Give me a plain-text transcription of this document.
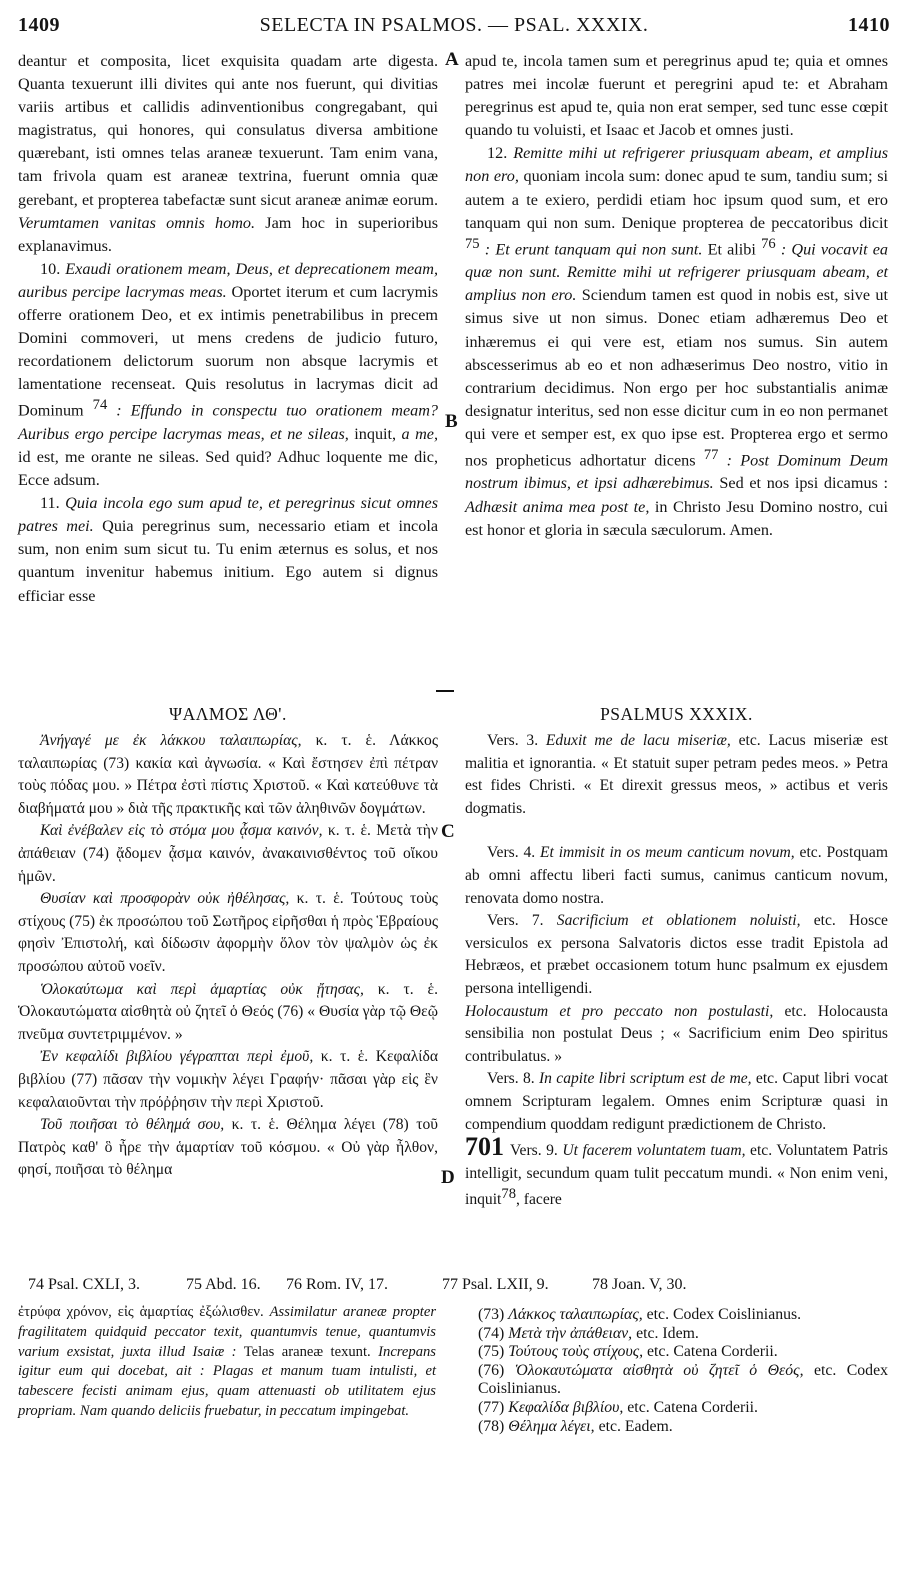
1409	SELECTA IN PSALMOS. — PSAL. XXXIX.	1410

deantur et composita, licet exquisita quadam arte digesta. Quanta texuerunt illi divites qui ante nos fuerunt, qui divitias variis artibus et callidis adinventionibus congregabant, qui magistratus, qui honores, qui consulatus diversa ambitione quærebant, isti omnes telas araneæ texuerunt. Tam enim vana, tam frivola quam est araneæ textrina, fuerunt omnia quæ gerebant, et propterea tabefactæ sunt sicut araneæ animæ eorum. Verumtamen vanitas omnis homo. Jam hoc in superioribus explanavimus.

10. Exaudi orationem meam, Deus, et deprecationem meam, auribus percipe lacrymas meas. Oportet iterum et cum lacrymis offerre orationem Deo, et ex intimis penetrabilibus in precem Domini commoveri, ut mens credens de judicio futuro, recordationem delictorum suorum non absque lacrymis et lamentatione recenseat. Quis resolutus in lacrymas dicit ad Dominum $^{74}$ : Effundo in conspectu tuo orationem meam? Auribus ergo percipe lacrymas meas, et ne sileas, inquit, a me, id est, me orante ne sileas. Sed quid? Adhuc loquente me dic, Ecce adsum.

11. Quia incola ego sum apud te, et peregrinus sicut omnes patres mei. Quia peregrinus sum, necessario etiam et incola sum, non enim sum sicut tu. Tu enim æternus es solus, et nos quantum invenitur habemus initium. Ego autem si dignus efficiar esse

A
B
C
D

apud te, incola tamen sum et peregrinus apud te; quia et omnes patres mei incolæ fuerunt et peregrini apud te: et Abraham peregrinus est apud te, quia non erat semper, sed tunc esse cœpit quando tu voluisti, et Isaac et Jacob et omnes justi.

12. Remitte mihi ut refrigerer priusquam abeam, et amplius non ero, quoniam incola sum: donec apud te sum, tandiu sum; si autem a te exiero, perdidi etiam hoc ipsum quod sum, et ero tanquam qui non sum. Denique propterea de peccatoribus dicit $^{75}$ : Et erunt tanquam qui non sunt. Et alibi $^{76}$ : Qui vocavit ea quæ non sunt. Remitte mihi ut refrigerer priusquam abeam, et amplius non ero. Sciendum tamen est quod in nobis est, sive ut simus sive ut non simus. Donec etiam adhæremus Deo et inhæremus ei qui vere est, etiam nos sumus. Sin autem abscesserimus ab eo et non adhæserimus Deo nostro, vitio in contrarium decidimus. Non ergo per hoc substantialis animæ designatur interitus, sed non esse dicitur cum in eo non permanet qui vere et semper est, ex quo ipse est. Propterea ergo et sermo nos propheticus adhortatur dicens $^{77}$ : Post Dominum Deum nostrum ibimus, et ipsi adhærebimus. Sed et nos ipsi dicamus : Adhæsit anima mea post te, in Christo Jesu Domino nostro, cui est honor et gloria in sæcula sæculorum. Amen.

ΨΑΛΜΟΣ ΛΘ'.

Ἀνήγαγέ με ἐκ λάκκου ταλαιπωρίας, κ. τ. ἑ. Λάκκος ταλαιπωρίας (73) κακία καὶ ἀγνωσία. « Καὶ ἔστησεν ἐπὶ πέτραν τοὺς πόδας μου. » Πέτρα ἐστὶ πίστις Χριστοῦ. « Καὶ κατεύθυνε τὰ διαβήματά μου » διὰ τῆς πρακτικῆς καὶ τῶν ἀληθινῶν δογμάτων.

Καὶ ἐνέβαλεν εἰς τὸ στόμα μου ᾆσμα καινόν, κ. τ. ἑ. Μετὰ τὴν ἀπάθειαν (74) ᾄδομεν ᾆσμα καινόν, ἀνακαινισθέντος τοῦ οἴκου ἡμῶν.

Θυσίαν καὶ προσφορὰν οὐκ ἠθέλησας, κ. τ. ἑ. Τούτους τοὺς στίχους (75) ἐκ προσώπου τοῦ Σωτῆρος εἰρῆσθαι ἡ πρὸς Ἑβραίους φησὶν Ἐπιστολή, καὶ δίδωσιν ἀφορμὴν ὅλον τὸν ψαλμὸν ὡς ἐκ προσώπου αὐτοῦ νοεῖν.

Ὁλοκαύτωμα καὶ περὶ ἁμαρτίας οὐκ ᾔτησας, κ. τ. ἑ. Ὁλοκαυτώματα αἰσθητὰ οὐ ζητεῖ ὁ Θεός (76) « Θυσία γὰρ τῷ Θεῷ πνεῦμα συντετριμμένον. »

Ἐν κεφαλίδι βιβλίου γέγραπται περὶ ἐμοῦ, κ. τ. ἑ. Κεφαλίδα βιβλίου (77) πᾶσαν τὴν νομικὴν λέγει Γραφήν· πᾶσαι γὰρ εἰς ἓν κεφαλαιοῦνται τὴν πρόῤῥησιν τὴν περὶ Χριστοῦ.

Τοῦ ποιῆσαι τὸ θέλημά σου, κ. τ. ἑ. Θέλημα λέγει (78) τοῦ Πατρὸς καθ' ὃ ἦρε τὴν ἁμαρτίαν τοῦ κόσμου. « Οὐ γὰρ ἦλθον, φησί, ποιῆσαι τὸ θέλημα

PSALMUS XXXIX.

Vers. 3. Eduxit me de lacu miseriæ, etc. Lacus miseriæ est malitia et ignorantia. « Et statuit super petram pedes meos. » Petra est fides Christi. « Et direxit gressus meos, » actibus et veris dogmatis.

Vers. 4. Et immisit in os meum canticum novum, etc. Postquam ab omni affectu liberi facti sumus, canimus canticum novum, renovata domo nostra.

Vers. 7. Sacrificium et oblationem noluisti, etc. Hosce versiculos ex persona Salvatoris dictos esse tradit Epistola ad Hebræos, et præbet occasionem totum hunc psalmum ex ejusdem persona intelligendi.

Holocaustum et pro peccato non postulasti, etc. Holocausta sensibilia non postulat Deus ; « Sacrificium enim Deo spiritus contribulatus. »

Vers. 8. In capite libri scriptum est de me, etc. Caput libri vocat omnem Scripturam legalem. Omnes enim Scripturæ quasi in compendium quoddam redigunt prædictionem de Christo.

701 Vers. 9. Ut facerem voluntatem tuam, etc. Voluntatem Patris intelligit, secundum quam tulit peccatum mundi. « Non enim veni, inquit$^{78}$, facere

74 Psal. CXLI, 3.	75 Abd. 16. 76 Rom. IV, 17.	77 Psal. LXII, 9.	78 Joan. V, 30.

ἐτρύφα χρόνον, εἰς ἁμαρτίας ἐξώλισθεν. Assimilatur araneæ propter fragilitatem quidquid peccator texit, quantumvis tenue, quantumvis varium exsistat, juxta illud Isaiæ : Telas araneæ texunt. Increpans igitur eum qui docebat, ait : Plagas et manum tuam intulisti, et tabescere fecisti animam ejus, quam attenuasti ob utilitatem ejus propriam. Nam quando deliciis fruebatur, in peccatum impingebat.

(73) Λάκκος ταλαιπωρίας, etc. Codex Coislinianus.

(74) Μετὰ τὴν ἀπάθειαν, etc. Idem.

(75) Τούτους τοὺς στίχους, etc. Catena Corderii.

(76) Ὁλοκαυτώματα αἰσθητὰ οὐ ζητεῖ ὁ Θεός, etc. Codex Coislinianus.

(77) Κεφαλίδα βιβλίου, etc. Catena Corderii.

(78) Θέλημα λέγει, etc. Eadem.
